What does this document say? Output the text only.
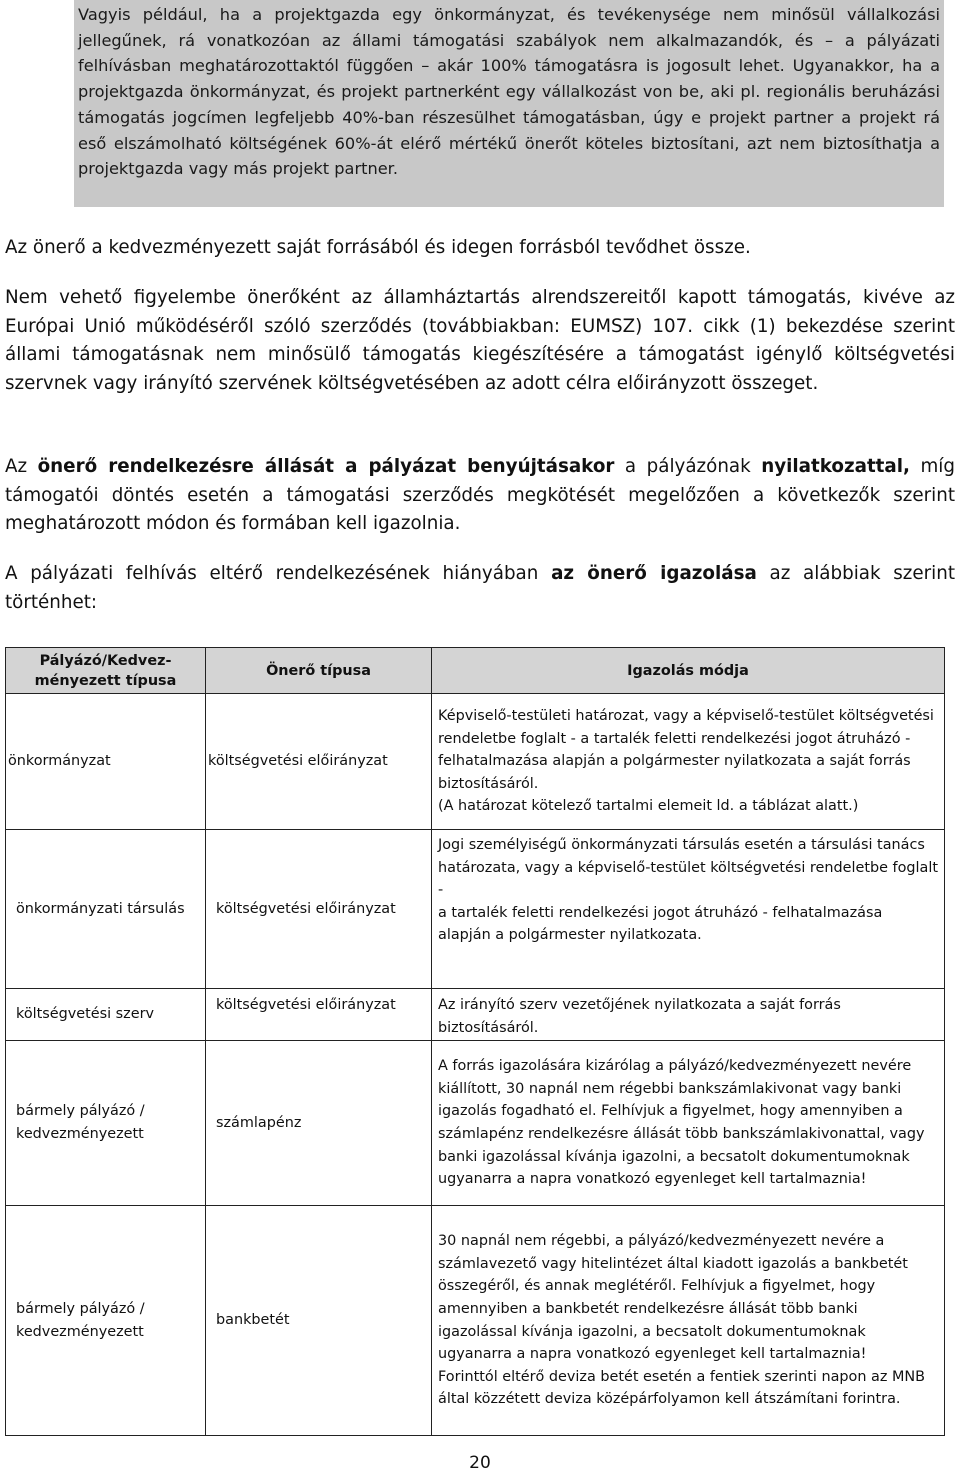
Vagyis például, ha a projektgazda egy önkormányzat, és tevékenysége nem minősül vállalkozási jellegűnek, rá vonatkozóan az állami támogatási szabályok nem alkalmazandók, és – a pályázati felhívásban meghatározottaktól függően – akár 100% támogatásra is jogosult lehet. Ugyanakkor, ha a projektgazda önkormányzat, és projekt partnerként egy vállalkozást von be, aki pl. regionális beruházási támogatás jogcímen legfeljebb 40%-ban részesülhet támogatásban, úgy e projekt partner a projekt rá eső elszámolható költségének 60%-át elérő mértékű önerőt köteles biztosítani, azt nem biztosíthatja a projektgazda vagy más projekt partner.
Az önerő a kedvezményezett saját forrásából és idegen forrásból tevődhet össze.
Nem vehető figyelembe önerőként az államháztartás alrendszereitől kapott támogatás, kivéve az Európai Unió működéséről szóló szerződés (továbbiakban: EUMSZ) 107. cikk (1) bekezdése szerint állami támogatásnak nem minősülő támogatás kiegészítésére a támogatást igénylő költségvetési szervnek vagy irányító szervének költségvetésében az adott célra előirányzott összeget.
Az önerő rendelkezésre állását a pályázat benyújtásakor a pályázónak nyilatkozattal, míg támogatói döntés esetén a támogatási szerződés megkötését megelőzően a következők szerint meghatározott módon és formában kell igazolnia.
A pályázati felhívás eltérő rendelkezésének hiányában az önerő igazolása az alábbiak szerint történhet:
Pályázó/Kedvez-ményezett típusa	Önerő típusa	Igazolás módja
önkormányzat	költségvetési előirányzat	Képviselő-testületi határozat, vagy a képviselő-testület költségvetési rendeletbe foglalt - a tartalék feletti rendelkezési jogot átruházó - felhatalmazása alapján a polgármester nyilatkozata a saját forrás biztosításáról.
(A határozat kötelező tartalmi elemeit ld. a táblázat alatt.)

önkormányzati társulás	költségvetési előirányzat	Jogi személyiségű önkormányzati társulás esetén a társulási tanács határozata, vagy a képviselő-testület költségvetési rendeletbe foglalt -
a tartalék feletti rendelkezési jogot átruházó - felhatalmazása alapján a polgármester nyilatkozata.

költségvetési szerv	költségvetési előirányzat	Az irányító szerv vezetőjének nyilatkozata a saját forrás biztosításáról.
bármely pályázó / kedvezményezett	számlapénz	A forrás igazolására kizárólag a pályázó/kedvezményezett nevére kiállított, 30 napnál nem régebbi bankszámlakivonat vagy banki igazolás fogadható el. Felhívjuk a figyelmet, hogy amennyiben a számlapénz rendelkezésre állását több bankszámlakivonattal, vagy banki igazolással kívánja igazolni, a becsatolt dokumentumoknak ugyanarra a napra vonatkozó egyenleget kell tartalmaznia!
bármely pályázó / kedvezményezett	bankbetét	30 napnál nem régebbi, a pályázó/kedvezményezett nevére a számlavezető vagy hitelintézet által kiadott igazolás a bankbetét összegéről, és annak meglétéről. Felhívjuk a figyelmet, hogy amennyiben a bankbetét rendelkezésre állását több banki igazolással kívánja igazolni, a becsatolt dokumentumoknak ugyanarra a napra vonatkozó egyenleget kell tartalmaznia!
Forinttól eltérő deviza betét esetén a fentiek szerinti napon az MNB által közzétett deviza középárfolyamon kell átszámítani forintra.
20
